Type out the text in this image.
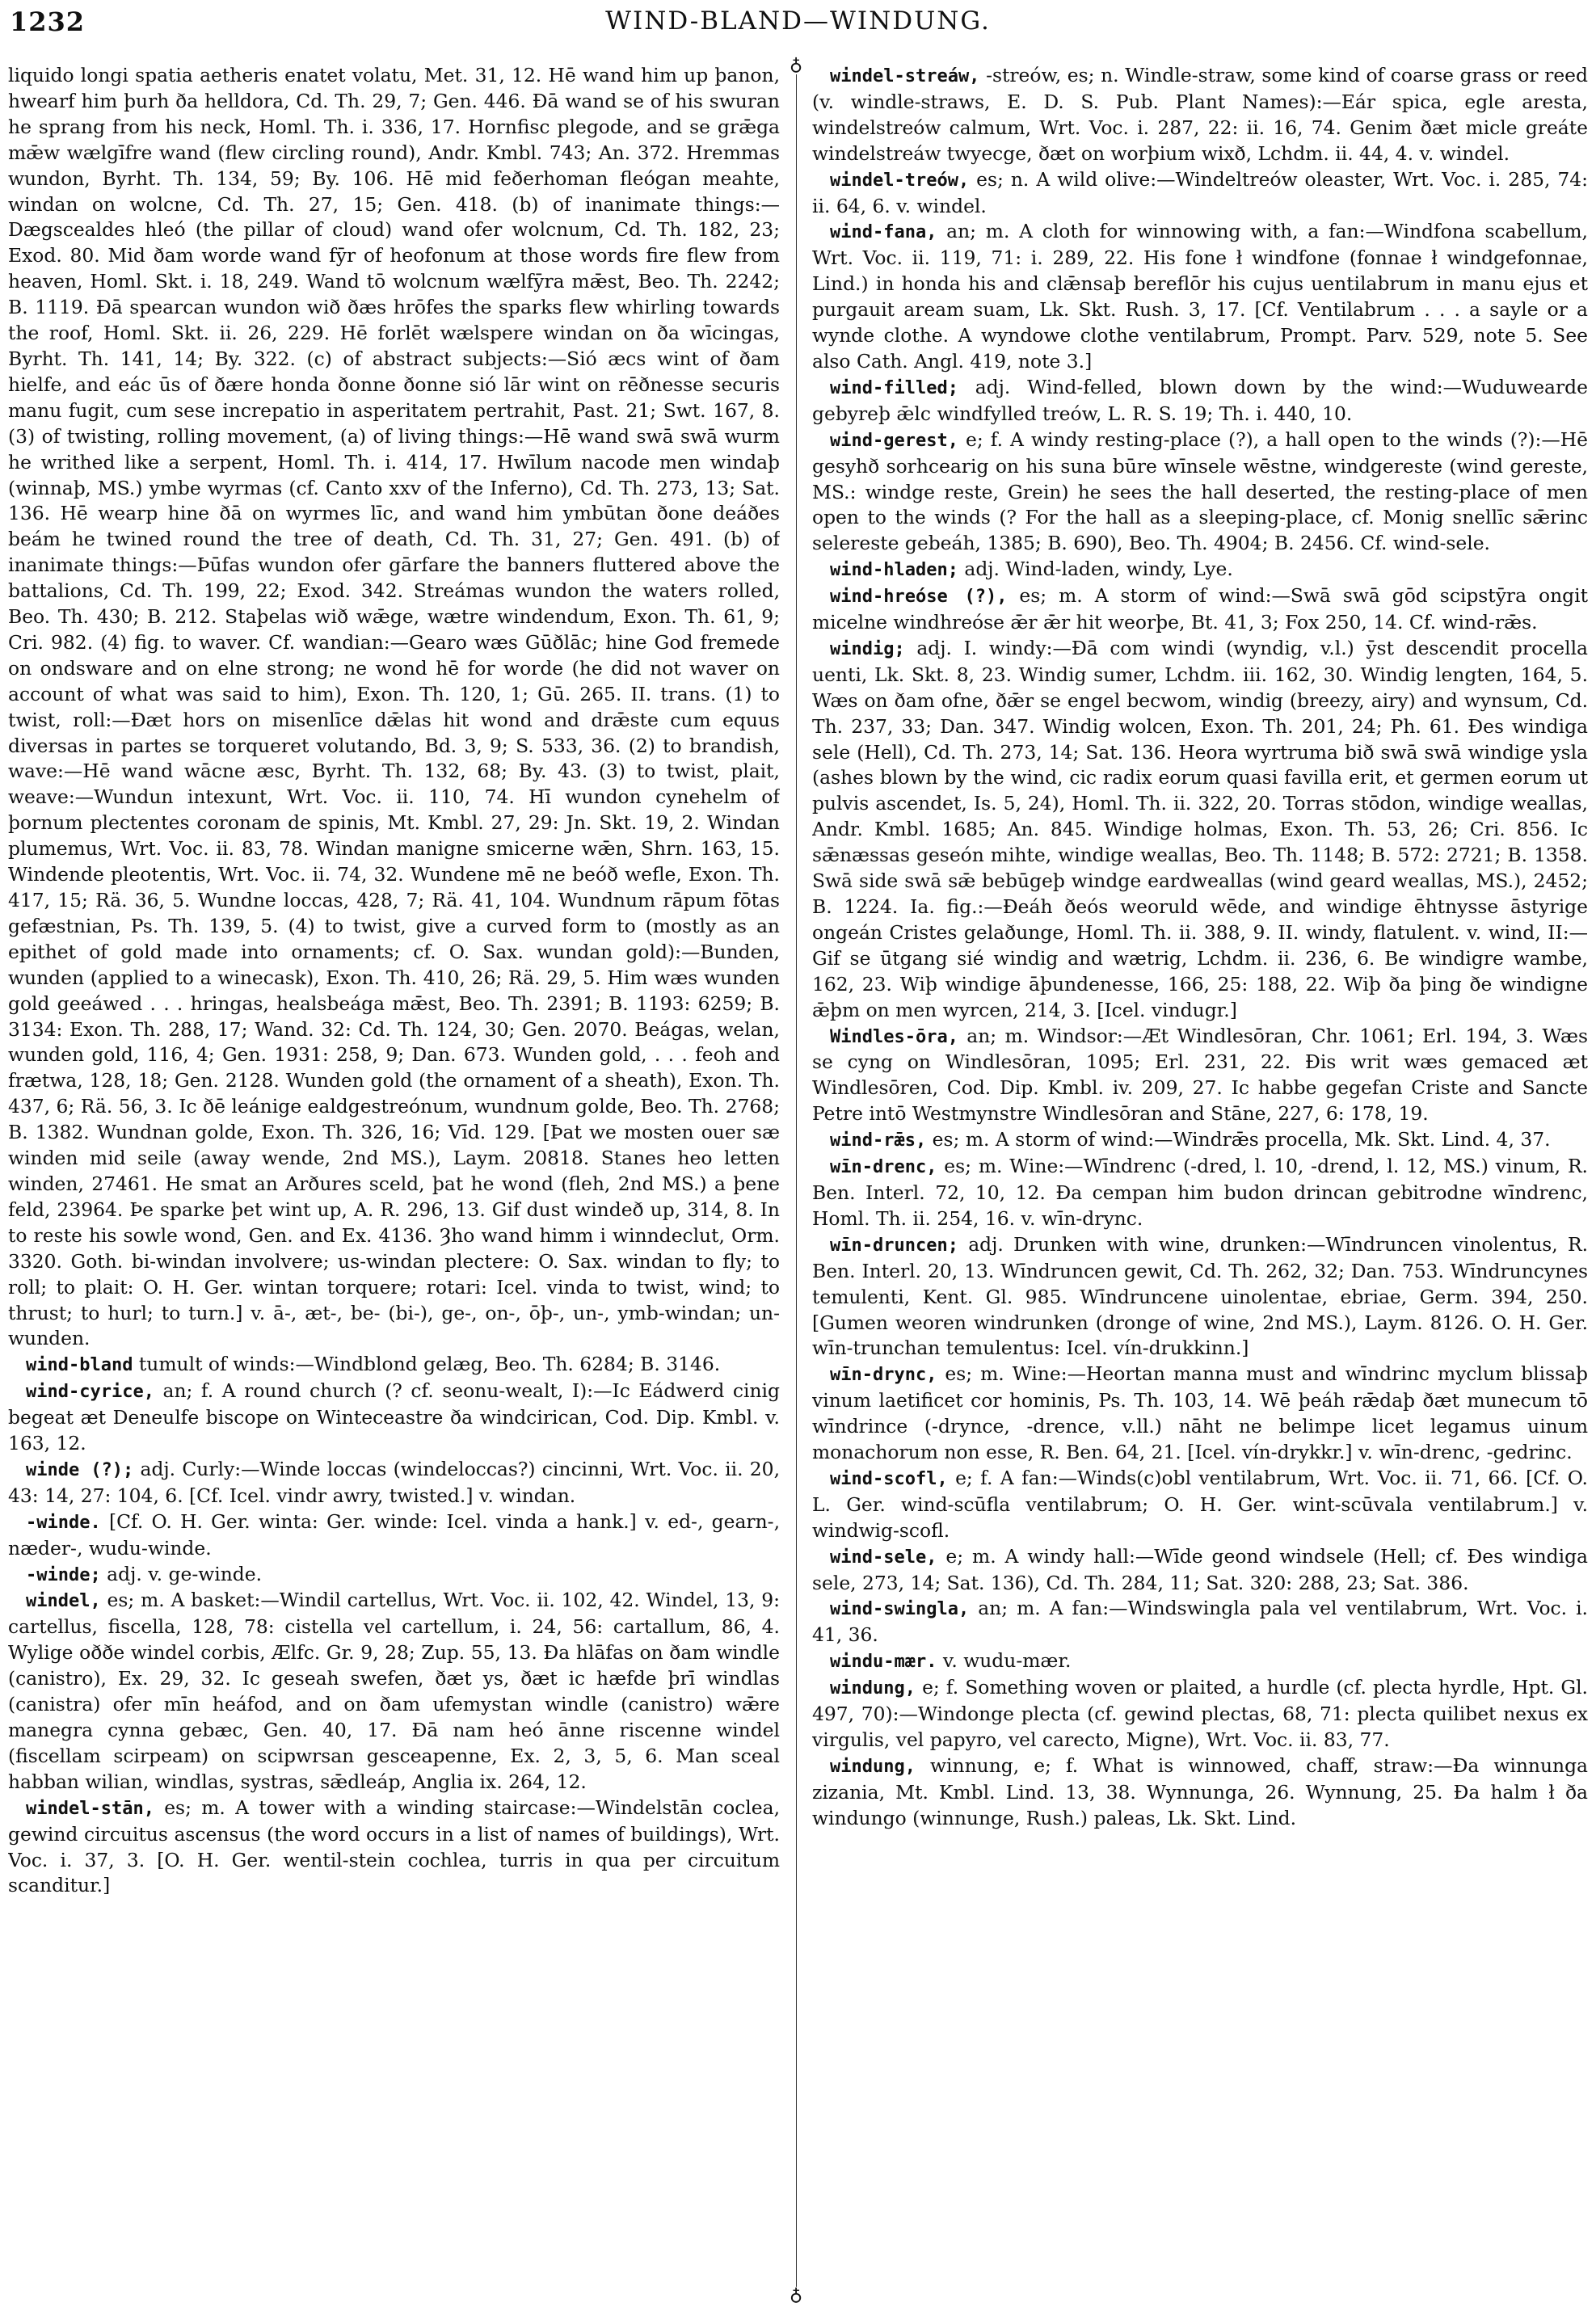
1232	WIND-BLAND—WINDUNG.
♁
♁

liquido longi spatia aetheris enatet volatu, Met. 31, 12. Hē wand him up þanon, hwearf him þurh ða helldora, Cd. Th. 29, 7; Gen. 446. Ðā wand se of his swuran he sprang from his neck, Homl. Th. i. 336, 17. Hornfisc plegode, and se grǣga mǣw wælgīfre wand (flew circling round), Andr. Kmbl. 743; An. 372. Hremmas wundon, Byrht. Th. 134, 59; By. 106. Hē mid feðerhoman fleógan meahte, windan on wolcne, Cd. Th. 27, 15; Gen. 418. (b) of inanimate things:—Dægscealdes hleó (the pillar of cloud) wand ofer wolcnum, Cd. Th. 182, 23; Exod. 80. Mid ðam worde wand fȳr of heofonum at those words fire flew from heaven, Homl. Skt. i. 18, 249. Wand tō wolcnum wælfȳra mǣst, Beo. Th. 2242; B. 1119. Ðā spearcan wundon wið ðæs hrōfes the sparks flew whirling towards the roof, Homl. Skt. ii. 26, 229. Hē forlēt wælspere windan on ða wīcingas, Byrht. Th. 141, 14; By. 322. (c) of abstract subjects:—Sió æcs wint of ðam hielfe, and eác ūs of ðære honda ðonne ðonne sió lār wint on rēðnesse securis manu fugit, cum sese increpatio in asperitatem pertrahit, Past. 21; Swt. 167, 8. (3) of twisting, rolling movement, (a) of living things:—Hē wand swā swā wurm he writhed like a serpent, Homl. Th. i. 414, 17. Hwīlum nacode men windaþ (winnaþ, MS.) ymbe wyrmas (cf. Canto xxv of the Inferno), Cd. Th. 273, 13; Sat. 136. Hē wearp hine ðā on wyrmes līc, and wand him ymbūtan ðone deáðes beám he twined round the tree of death, Cd. Th. 31, 27; Gen. 491. (b) of inanimate things:—Þūfas wundon ofer gārfare the banners fluttered above the battalions, Cd. Th. 199, 22; Exod. 342. Streámas wundon the waters rolled, Beo. Th. 430; B. 212. Staþelas wið wǣge, wætre windendum, Exon. Th. 61, 9; Cri. 982. (4) fig. to waver. Cf. wandian:—Gearo wæs Gūðlāc; hine God fremede on ondsware and on elne strong; ne wond hē for worde (he did not waver on account of what was said to him), Exon. Th. 120, 1; Gū. 265. II. trans. (1) to twist, roll:—Ðæt hors on misenlīce dǣlas hit wond and drǣste cum equus diversas in partes se torqueret volutando, Bd. 3, 9; S. 533, 36. (2) to brandish, wave:—Hē wand wācne æsc, Byrht. Th. 132, 68; By. 43. (3) to twist, plait, weave:—Wundun intexunt, Wrt. Voc. ii. 110, 74. Hī wundon cynehelm of þornum plectentes coronam de spinis, Mt. Kmbl. 27, 29: Jn. Skt. 19, 2. Windan plumemus, Wrt. Voc. ii. 83, 78. Windan manigne smicerne wǣn, Shrn. 163, 15. Windende pleotentis, Wrt. Voc. ii. 74, 32. Wundene mē ne beóð wefle, Exon. Th. 417, 15; Rä. 36, 5. Wundne loccas, 428, 7; Rä. 41, 104. Wundnum rāpum fōtas gefæstnian, Ps. Th. 139, 5. (4) to twist, give a curved form to (mostly as an epithet of gold made into ornaments; cf. O. Sax. wundan gold):—Bunden, wunden (applied to a winecask), Exon. Th. 410, 26; Rä. 29, 5. Him wæs wunden gold geeáwed . . . hringas, healsbeága mǣst, Beo. Th. 2391; B. 1193: 6259; B. 3134: Exon. Th. 288, 17; Wand. 32: Cd. Th. 124, 30; Gen. 2070. Beágas, welan, wunden gold, 116, 4; Gen. 1931: 258, 9; Dan. 673. Wunden gold, . . . feoh and frætwa, 128, 18; Gen. 2128. Wunden gold (the ornament of a sheath), Exon. Th. 437, 6; Rä. 56, 3. Ic ðē leánige ealdgestreónum, wundnum golde, Beo. Th. 2768; B. 1382. Wundnan golde, Exon. Th. 326, 16; Vīd. 129. [Þat we mosten ouer sæ winden mid seile (away wende, 2nd MS.), Laym. 20818. Stanes heo letten winden, 27461. He smat an Arðures sceld, þat he wond (fleh, 2nd MS.) a þene feld, 23964. Þe sparke þet wint up, A. R. 296, 13. Gif dust windeð up, 314, 8. In to reste his sowle wond, Gen. and Ex. 4136. Ȝho wand himm i winndeclut, Orm. 3320. Goth. bi-windan involvere; us-windan plectere: O. Sax. windan to fly; to roll; to plait: O. H. Ger. wintan torquere; rotari: Icel. vinda to twist, wind; to thrust; to hurl; to turn.] v. ā-, æt-, be- (bi-), ge-, on-, ōþ-, un-, ymb-windan; un-wunden.

wind-bland tumult of winds:—Windblond gelæg, Beo. Th. 6284; B. 3146.

wind-cyrice, an; f. A round church (? cf. seonu-wealt, I):—Ic Eádwerd cinig begeat æt Deneulfe biscope on Winteceastre ða windcirican, Cod. Dip. Kmbl. v. 163, 12.

winde (?); adj. Curly:—Winde loccas (windeloccas?) cincinni, Wrt. Voc. ii. 20, 43: 14, 27: 104, 6. [Cf. Icel. vindr awry, twisted.] v. windan.

-winde. [Cf. O. H. Ger. winta: Ger. winde: Icel. vinda a hank.] v. ed-, gearn-, næder-, wudu-winde.

-winde; adj. v. ge-winde.

windel, es; m. A basket:—Windil cartellus, Wrt. Voc. ii. 102, 42. Windel, 13, 9: cartellus, fiscella, 128, 78: cistella vel cartellum, i. 24, 56: cartallum, 86, 4. Wylige oððe windel corbis, Ælfc. Gr. 9, 28; Zup. 55, 13. Ða hlāfas on ðam windle (canistro), Ex. 29, 32. Ic geseah swefen, ðæt ys, ðæt ic hæfde þrī windlas (canistra) ofer mīn heáfod, and on ðam ufemystan windle (canistro) wǣre manegra cynna gebæc, Gen. 40, 17. Ðā nam heó ānne riscenne windel (fiscellam scirpeam) on scipwrsan gesceapenne, Ex. 2, 3, 5, 6. Man sceal habban wilian, windlas, systras, sǣdleáp, Anglia ix. 264, 12.

windel-stān, es; m. A tower with a winding staircase:—Windelstān coclea, gewind circuitus ascensus (the word occurs in a list of names of buildings), Wrt. Voc. i. 37, 3. [O. H. Ger. wentil-stein cochlea, turris in qua per circuitum scanditur.]

windel-streáw, -streów, es; n. Windle-straw, some kind of coarse grass or reed (v. windle-straws, E. D. S. Pub. Plant Names):—Eár spica, egle aresta, windelstreów calmum, Wrt. Voc. i. 287, 22: ii. 16, 74. Genim ðæt micle greáte windelstreáw twyecge, ðæt on worþium wixð, Lchdm. ii. 44, 4. v. windel.

windel-treów, es; n. A wild olive:—Windeltreów oleaster, Wrt. Voc. i. 285, 74: ii. 64, 6. v. windel.

wind-fana, an; m. A cloth for winnowing with, a fan:—Windfona scabellum, Wrt. Voc. ii. 119, 71: i. 289, 22. His fone ł windfone (fonnae ł windgefonnae, Lind.) in honda his and clǣnsaþ bereflōr his cujus uentilabrum in manu ejus et purgauit aream suam, Lk. Skt. Rush. 3, 17. [Cf. Ventilabrum . . . a sayle or a wynde clothe. A wyndowe clothe ventilabrum, Prompt. Parv. 529, note 5. See also Cath. Angl. 419, note 3.]

wind-filled; adj. Wind-felled, blown down by the wind:—Wuduwearde gebyreþ ǣlc windfylled treów, L. R. S. 19; Th. i. 440, 10.

wind-gerest, e; f. A windy resting-place (?), a hall open to the winds (?):—Hē gesyhð sorhcearig on his suna būre wīnsele wēstne, windgereste (wind gereste, MS.: windge reste, Grein) he sees the hall deserted, the resting-place of men open to the winds (? For the hall as a sleeping-place, cf. Monig snellīc sǣrinc selereste gebeáh, 1385; B. 690), Beo. Th. 4904; B. 2456. Cf. wind-sele.

wind-hladen; adj. Wind-laden, windy, Lye.

wind-hreóse (?), es; m. A storm of wind:—Swā swā gōd scipstȳra ongit micelne windhreóse ǣr ǣr hit weorþe, Bt. 41, 3; Fox 250, 14. Cf. wind-rǣs.

windig; adj. I. windy:—Ðā com windi (wyndig, v.l.) ȳst descendit procella uenti, Lk. Skt. 8, 23. Windig sumer, Lchdm. iii. 162, 30. Windig lengten, 164, 5. Wæs on ðam ofne, ðǣr se engel becwom, windig (breezy, airy) and wynsum, Cd. Th. 237, 33; Dan. 347. Windig wolcen, Exon. Th. 201, 24; Ph. 61. Ðes windiga sele (Hell), Cd. Th. 273, 14; Sat. 136. Heora wyrtruma bið swā swā windige ysla (ashes blown by the wind, cic radix eorum quasi favilla erit, et germen eorum ut pulvis ascendet, Is. 5, 24), Homl. Th. ii. 322, 20. Torras stōdon, windige weallas, Andr. Kmbl. 1685; An. 845. Windige holmas, Exon. Th. 53, 26; Cri. 856. Ic sǣnæssas geseón mihte, windige weallas, Beo. Th. 1148; B. 572: 2721; B. 1358. Swā side swā sǣ bebūgeþ windge eardweallas (wind geard weallas, MS.), 2452; B. 1224. Ia. fig.:—Ðeáh ðeós weoruld wēde, and windige ēhtnysse āstyrige ongeán Cristes gelaðunge, Homl. Th. ii. 388, 9. II. windy, flatulent. v. wind, II:—Gif se ūtgang sié windig and wætrig, Lchdm. ii. 236, 6. Be windigre wambe, 162, 23. Wiþ windige āþundenesse, 166, 25: 188, 22. Wiþ ða þing ðe windigne ǣþm on men wyrcen, 214, 3. [Icel. vindugr.]

Windles-ōra, an; m. Windsor:—Æt Windlesōran, Chr. 1061; Erl. 194, 3. Wæs se cyng on Windlesōran, 1095; Erl. 231, 22. Ðis writ wæs gemaced æt Windlesōren, Cod. Dip. Kmbl. iv. 209, 27. Ic habbe gegefan Criste and Sancte Petre intō Westmynstre Windlesōran and Stāne, 227, 6: 178, 19.

wind-rǣs, es; m. A storm of wind:—Windrǣs procella, Mk. Skt. Lind. 4, 37.

wīn-drenc, es; m. Wine:—Wīndrenc (-dred, l. 10, -drend, l. 12, MS.) vinum, R. Ben. Interl. 72, 10, 12. Ða cempan him budon drincan gebitrodne wīndrenc, Homl. Th. ii. 254, 16. v. wīn-drync.

wīn-druncen; adj. Drunken with wine, drunken:—Wīndruncen vinolentus, R. Ben. Interl. 20, 13. Wīndruncen gewit, Cd. Th. 262, 32; Dan. 753. Wīndruncynes temulenti, Kent. Gl. 985. Wīndruncene uinolentae, ebriae, Germ. 394, 250. [Gumen weoren windrunken (dronge of wine, 2nd MS.), Laym. 8126. O. H. Ger. wīn-trunchan temulentus: Icel. vín-drukkinn.]

wīn-drync, es; m. Wine:—Heortan manna must and wīndrinc myclum blissaþ vinum laetificet cor hominis, Ps. Th. 103, 14. Wē þeáh rǣdaþ ðæt munecum tō wīndrince (-drynce, -drence, v.ll.) nāht ne belimpe licet legamus uinum monachorum non esse, R. Ben. 64, 21. [Icel. vín-drykkr.] v. wīn-drenc, -gedrinc.

wind-scofl, e; f. A fan:—Winds(c)obl ventilabrum, Wrt. Voc. ii. 71, 66. [Cf. O. L. Ger. wind-scūfla ventilabrum; O. H. Ger. wint-scūvala ventilabrum.] v. windwig-scofl.

wind-sele, e; m. A windy hall:—Wīde geond windsele (Hell; cf. Ðes windiga sele, 273, 14; Sat. 136), Cd. Th. 284, 11; Sat. 320: 288, 23; Sat. 386.

wind-swingla, an; m. A fan:—Windswingla pala vel ventilabrum, Wrt. Voc. i. 41, 36.

windu-mær. v. wudu-mær.

windung, e; f. Something woven or plaited, a hurdle (cf. plecta hyrdle, Hpt. Gl. 497, 70):—Windonge plecta (cf. gewind plectas, 68, 71: plecta quilibet nexus ex virgulis, vel papyro, vel carecto, Migne), Wrt. Voc. ii. 83, 77.

windung, winnung, e; f. What is winnowed, chaff, straw:—Ða winnunga zizania, Mt. Kmbl. Lind. 13, 38. Wynnunga, 26. Wynnung, 25. Ða halm ł ða windungo (winnunge, Rush.) paleas, Lk. Skt. Lind.
